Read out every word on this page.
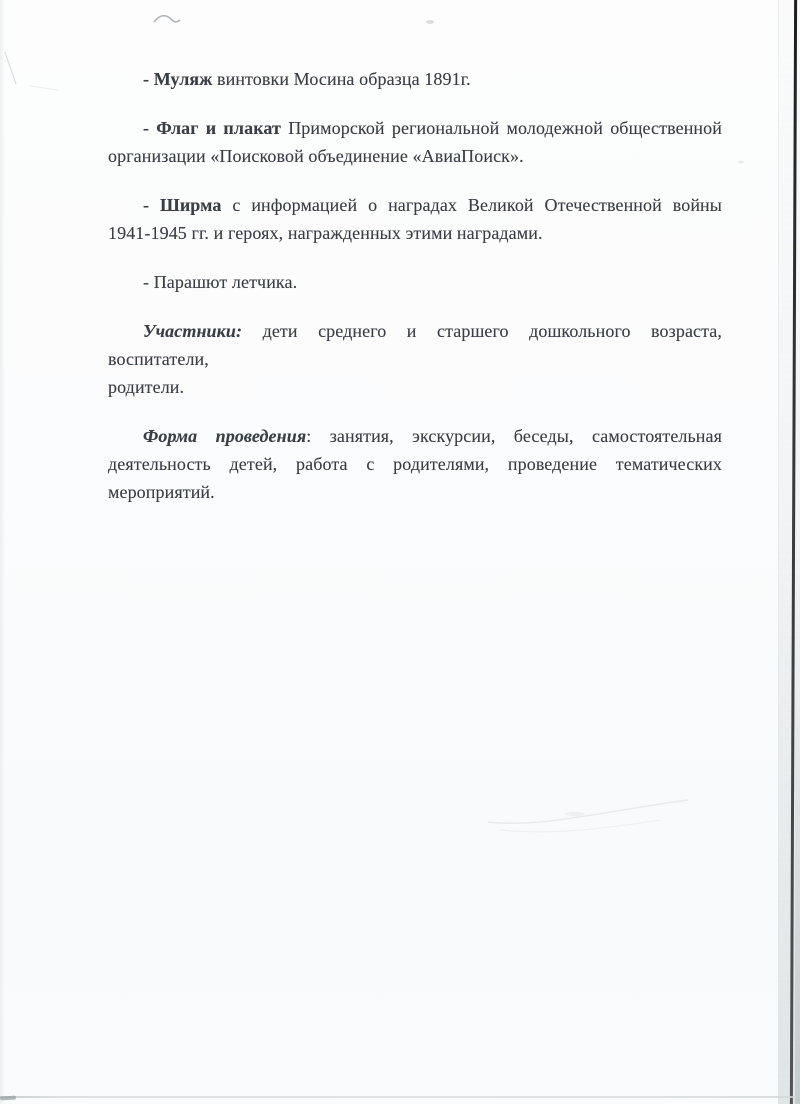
- Муляж винтовки Мосина образца 1891г.
- Флаг и плакат Приморской региональной молодежной общественной
организации «Поисковой объединение «АвиаПоиск».
- Ширма с информацией о наградах Великой Отечественной войны
1941-1945 гг. и героях, награжденных этими наградами.
- Парашют летчика.
Участники: дети среднего и старшего дошкольного возраста, воспитатели,
родители.
Форма проведения: занятия, экскурсии, беседы, самостоятельная
деятельность детей, работа с родителями, проведение тематических мероприятий.
